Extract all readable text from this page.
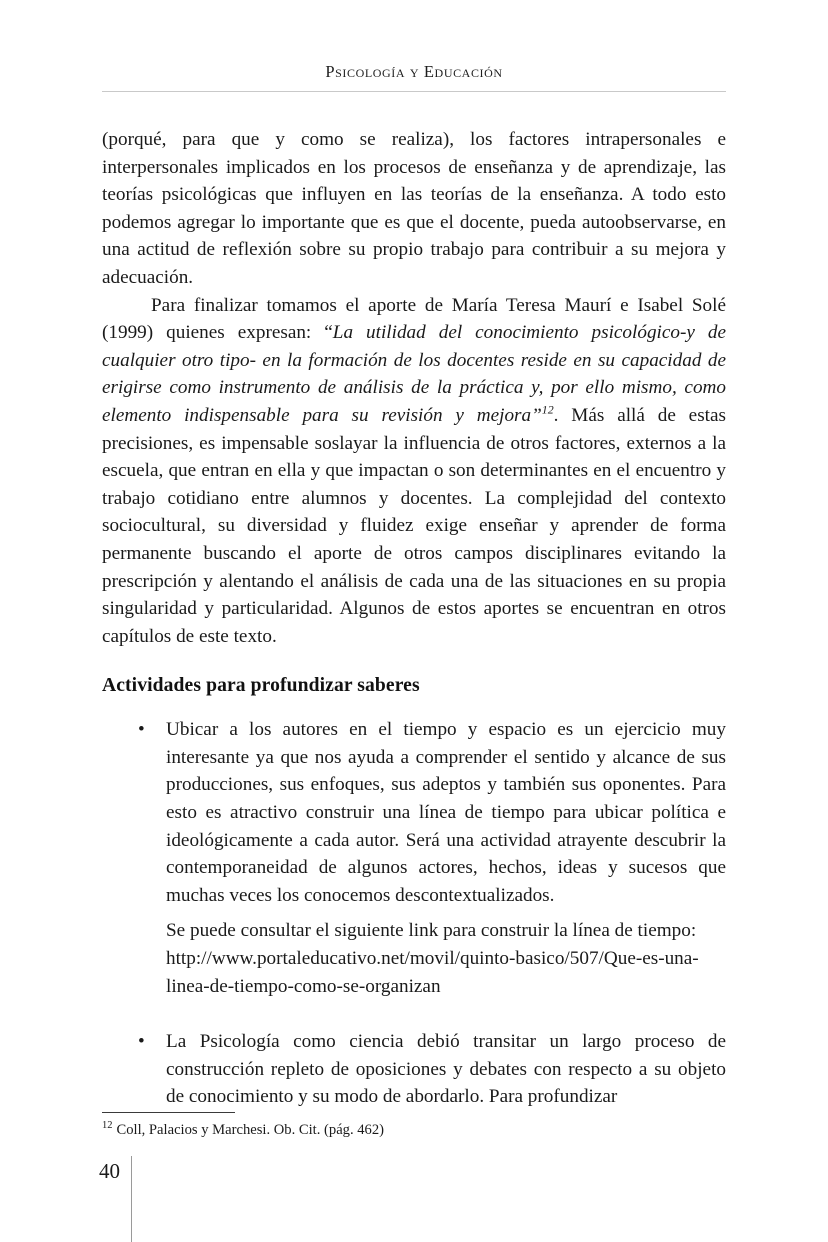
Psicología y Educación

(porqué, para que y como se realiza), los factores intrapersonales e interpersonales implicados en los procesos de enseñanza y de aprendizaje, las teorías psicológicas que influyen en las teorías de la enseñanza. A todo esto podemos agregar lo importante que es que el docente, pueda autoobservarse, en una actitud de reflexión sobre su propio trabajo para contribuir a su mejora y adecuación.

Para finalizar tomamos el aporte de María Teresa Maurí e Isabel Solé (1999) quienes expresan: “La utilidad del conocimiento psicológico-y de cualquier otro tipo- en la formación de los docentes reside en su capacidad de erigirse como instrumento de análisis de la práctica y, por ello mismo, como elemento indispensable para su revisión y mejora”$^{12}$. Más allá de estas precisiones, es impensable soslayar la influencia de otros factores, externos a la escuela, que entran en ella y que impactan o son determinantes en el encuentro y trabajo cotidiano entre alumnos y docentes. La complejidad del contexto sociocultural, su diversidad y fluidez exige enseñar y aprender de forma permanente buscando el aporte de otros campos disciplinares evitando la prescripción y alentando el análisis de cada una de las situaciones en su propia singularidad y particularidad. Algunos de estos aportes se encuentran en otros capítulos de este texto.

Actividades para profundizar saberes
• Ubicar a los autores en el tiempo y espacio es un ejercicio muy interesante ya que nos ayuda a comprender el sentido y alcance de sus producciones, sus enfoques, sus adeptos y también sus oponentes. Para esto es atractivo construir una línea de tiempo para ubicar política e ideológicamente a cada autor. Será una actividad atrayente descubrir la contemporaneidad de algunos actores, hechos, ideas y sucesos que muchas veces los conocemos descontextualizados.

Se puede consultar el siguiente link para construir la línea de tiempo:

http://www.portaleducativo.net/movil/quinto-basico/507/Que-es-una-linea-de-tiempo-como-se-organizan

• La Psicología como ciencia debió transitar un largo proceso de construcción repleto de oposiciones y debates con respecto a su objeto de conocimiento y su modo de abordarlo. Para profundizar

$^{12}$ Coll, Palacios y Marchesi. Ob. Cit. (pág. 462)
40
